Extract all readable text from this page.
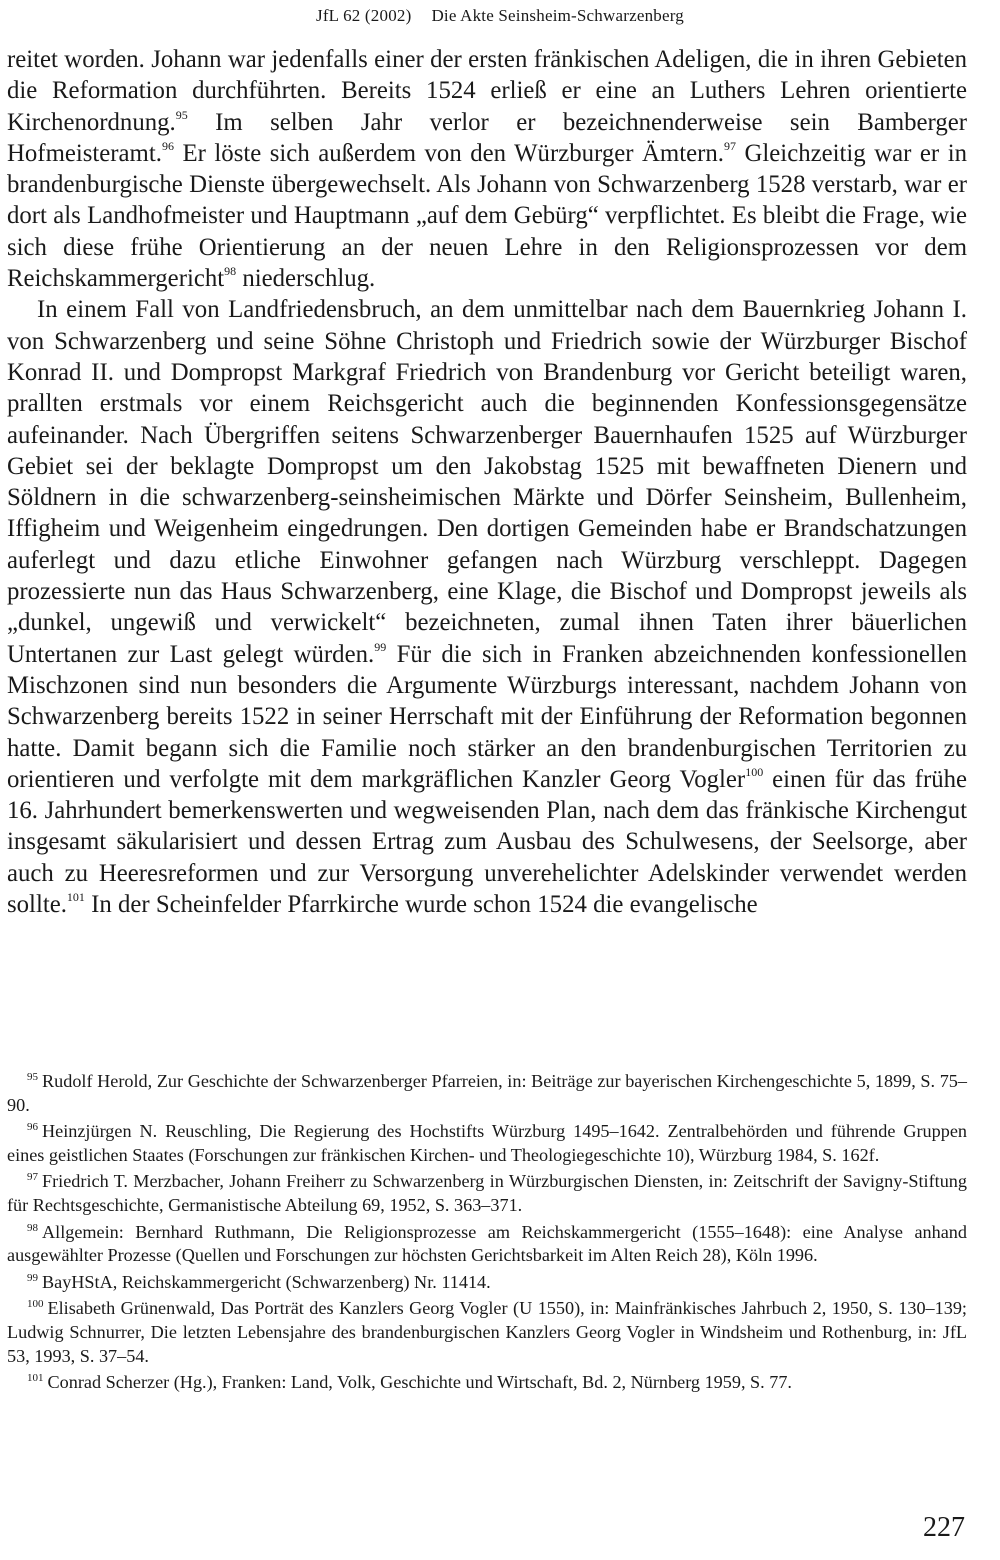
JfL 62 (2002) Die Akte Seinsheim-Schwarzenberg

reitet worden. Johann war jedenfalls einer der ersten fränkischen Adeligen, die in ihren Gebieten die Reformation durchführten. Bereits 1524 erließ er eine an Luthers Lehren orientierte Kirchenordnung.$^{95}$ Im selben Jahr verlor er bezeichnenderweise sein Bamberger Hofmeisteramt.$^{96}$ Er löste sich außerdem von den Würzburger Ämtern.$^{97}$ Gleichzeitig war er in brandenburgische Dienste übergewechselt. Als Johann von Schwarzenberg 1528 verstarb, war er dort als Landhofmeister und Hauptmann „auf dem Gebürg“ verpflichtet. Es bleibt die Frage, wie sich diese frühe Orientierung an der neuen Lehre in den Religionsprozessen vor dem Reichskammergericht$^{98}$ niederschlug.

In einem Fall von Landfriedensbruch, an dem unmittelbar nach dem Bauernkrieg Johann I. von Schwarzenberg und seine Söhne Christoph und Friedrich sowie der Würzburger Bischof Konrad II. und Dompropst Markgraf Friedrich von Brandenburg vor Gericht beteiligt waren, prallten erstmals vor einem Reichsgericht auch die beginnenden Konfessionsgegensätze aufeinander. Nach Übergriffen seitens Schwarzenberger Bauernhaufen 1525 auf Würzburger Gebiet sei der beklagte Dompropst um den Jakobstag 1525 mit bewaffneten Dienern und Söldnern in die schwarzenberg-seinsheimischen Märkte und Dörfer Seinsheim, Bullenheim, Iffigheim und Weigenheim eingedrungen. Den dortigen Gemeinden habe er Brandschatzungen auferlegt und dazu etliche Einwohner gefangen nach Würzburg verschleppt. Dagegen prozessierte nun das Haus Schwarzenberg, eine Klage, die Bischof und Dompropst jeweils als „dunkel, ungewiß und verwickelt“ bezeichneten, zumal ihnen Taten ihrer bäuerlichen Untertanen zur Last gelegt würden.$^{99}$ Für die sich in Franken abzeichnenden konfessionellen Mischzonen sind nun besonders die Argumente Würzburgs interessant, nachdem Johann von Schwarzenberg bereits 1522 in seiner Herrschaft mit der Einführung der Reformation begonnen hatte. Damit begann sich die Familie noch stärker an den brandenburgischen Territorien zu orientieren und verfolgte mit dem markgräflichen Kanzler Georg Vogler$^{100}$ einen für das frühe 16. Jahrhundert bemerkenswerten und wegweisenden Plan, nach dem das fränkische Kirchengut insgesamt säkularisiert und dessen Ertrag zum Ausbau des Schulwesens, der Seelsorge, aber auch zu Heeresreformen und zur Versorgung unverehelichter Adelskinder verwendet werden sollte.$^{101}$ In der Scheinfelder Pfarrkirche wurde schon 1524 die evangelische

$^{95}$ Rudolf Herold, Zur Geschichte der Schwarzenberger Pfarreien, in: Beiträge zur bayerischen Kirchengeschichte 5, 1899, S. 75–90.

$^{96}$ Heinzjürgen N. Reuschling, Die Regierung des Hochstifts Würzburg 1495–1642. Zentralbehörden und führende Gruppen eines geistlichen Staates (Forschungen zur fränkischen Kirchen- und Theologiegeschichte 10), Würzburg 1984, S. 162f.

$^{97}$ Friedrich T. Merzbacher, Johann Freiherr zu Schwarzenberg in Würzburgischen Diensten, in: Zeitschrift der Savigny-Stiftung für Rechtsgeschichte, Germanistische Abteilung 69, 1952, S. 363–371.

$^{98}$ Allgemein: Bernhard Ruthmann, Die Religionsprozesse am Reichskammergericht (1555–1648): eine Analyse anhand ausgewählter Prozesse (Quellen und Forschungen zur höchsten Gerichtsbarkeit im Alten Reich 28), Köln 1996.

$^{99}$ BayHStA, Reichskammergericht (Schwarzenberg) Nr. 11414.

$^{100}$ Elisabeth Grünenwald, Das Porträt des Kanzlers Georg Vogler (U 1550), in: Mainfränkisches Jahrbuch 2, 1950, S. 130–139; Ludwig Schnurrer, Die letzten Lebensjahre des brandenburgischen Kanzlers Georg Vogler in Windsheim und Rothenburg, in: JfL 53, 1993, S. 37–54.

$^{101}$ Conrad Scherzer (Hg.), Franken: Land, Volk, Geschichte und Wirtschaft, Bd. 2, Nürnberg 1959, S. 77.

227
